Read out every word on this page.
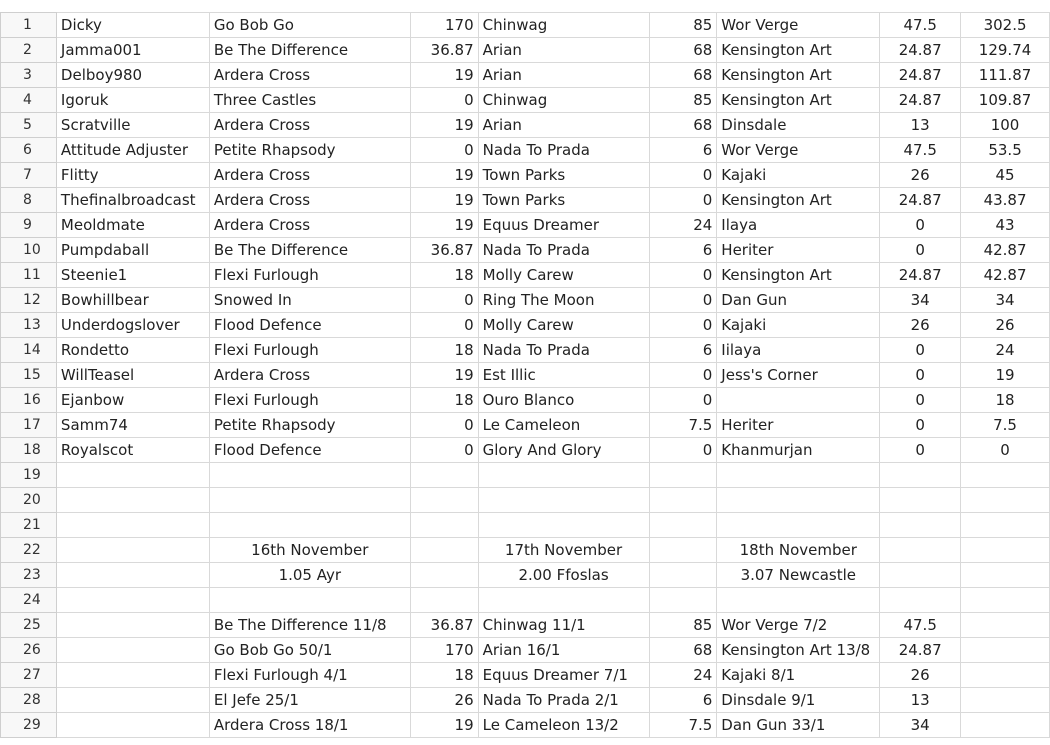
1	Dicky	Go Bob Go	170	Chinwag	85	Wor Verge	47.5	302.5
2	Jamma001	Be The Difference	36.87	Arian	68	Kensington Art	24.87	129.74
3	Delboy980	Ardera Cross	19	Arian	68	Kensington Art	24.87	111.87
4	Igoruk	Three Castles	0	Chinwag	85	Kensington Art	24.87	109.87
5	Scratville	Ardera Cross	19	Arian	68	Dinsdale	13	100
6	Attitude Adjuster	Petite Rhapsody	0	Nada To Prada	6	Wor Verge	47.5	53.5
7	Flitty	Ardera Cross	19	Town Parks	0	Kajaki	26	45
8	Thefinalbroadcast	Ardera Cross	19	Town Parks	0	Kensington Art	24.87	43.87
9	Meoldmate	Ardera Cross	19	Equus Dreamer	24	Ilaya	0	43
10	Pumpdaball	Be The Difference	36.87	Nada To Prada	6	Heriter	0	42.87
11	Steenie1	Flexi Furlough	18	Molly Carew	0	Kensington Art	24.87	42.87
12	Bowhillbear	Snowed In	0	Ring The Moon	0	Dan Gun	34	34
13	Underdogslover	Flood Defence	0	Molly Carew	0	Kajaki	26	26
14	Rondetto	Flexi Furlough	18	Nada To Prada	6	Iilaya	0	24
15	WillTeasel	Ardera Cross	19	Est Illic	0	Jess's Corner	0	19
16	Ejanbow	Flexi Furlough	18	Ouro Blanco	0		0	18
17	Samm74	Petite Rhapsody	0	Le Cameleon	7.5	Heriter	0	7.5
18	Royalscot	Flood Defence	0	Glory And Glory	0	Khanmurjan	0	0
19								
20								
21								
22		16th November		17th November		18th November		
23		1.05 Ayr		2.00 Ffoslas		3.07 Newcastle		
24								
25		Be The Difference 11/8	36.87	Chinwag 11/1	85	Wor Verge 7/2	47.5	
26		Go Bob Go 50/1	170	Arian 16/1	68	Kensington Art 13/8	24.87	
27		Flexi Furlough 4/1	18	Equus Dreamer 7/1	24	Kajaki 8/1	26	
28		El Jefe 25/1	26	Nada To Prada 2/1	6	Dinsdale 9/1	13	
29		Ardera Cross 18/1	19	Le Cameleon 13/2	7.5	Dan Gun 33/1	34	
